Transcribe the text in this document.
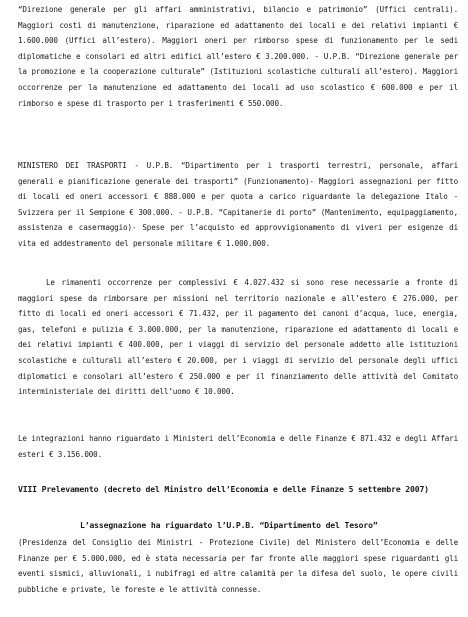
“Direzione generale per gli affari amministrativi, bilancio e patrimonio” (Uffici centrali). Maggiori costi di manutenzione, riparazione ed adattamento dei locali e dei relativi impianti € 1.600.000 (Uffici all’estero). Maggiori oneri per rimborso spese di funzionamento per le sedi diplomatiche e consolari ed altri edifici all’estero € 3.200.000. - U.P.B. “Direzione generale per la promozione e la cooperazione culturale” (Istituzioni scolastiche culturali all’estero). Maggiori occorrenze per la manutenzione ed adattamento dei locali ad uso scolastico € 600.000 e per il rimborso e spese di trasporto per i trasferimenti € 550.000.

MINISTERO DEI TRASPORTI - U.P.B. “Dipartimento per i trasporti terrestri, personale, affari generali e pianificazione generale dei trasporti” (Funzionamento)- Maggiori assegnazioni per fitto di locali ed oneri accessori € 888.000 e per quota a carico riguardante la delegazione Italo - Svizzera per il Sempione € 300.000. - U.P.B. “Capitanerie di porto” (Mantenimento, equipaggiamento, assistenza e casermaggio)- Spese per l’acquisto ed approvvigionamento di viveri per esigenze di vita ed addestramento del personale militare € 1.000.000.

Le rimanenti occorrenze per complessivi € 4.027.432 si sono rese necessarie a fronte di maggiori spese da rimborsare per missioni nel territorio nazionale e all’estero € 276.000, per fitto di locali ed oneri accessori € 71.432, per il pagamento dei canoni d’acqua, luce, energia, gas, telefoni e pulizia € 3.000.000, per la manutenzione, riparazione ed adattamento di locali e dei relativi impianti € 400.000, per i viaggi di servizio del personale addetto alle istituzioni scolastiche e culturali all’estero € 20.000, per i viaggi di servizio del personale degli uffici diplomatici e consolari all’estero € 250.000 e per il finanziamento delle attività del Comitato interministeriale dei diritti dell’uomo € 10.000.

Le integrazioni hanno riguardato i Ministeri dell’Economia e delle Finanze € 871.432 e degli Affari esteri € 3.156.000.

VIII Prelevamento (decreto del Ministro dell’Economia e delle Finanze 5 settembre 2007)

L’assegnazione ha riguardato l’U.P.B. “Dipartimento del Tesoro”

(Presidenza del Consiglio dei Ministri - Protezione Civile) del Ministero dell’Economia e delle Finanze per € 5.000.000, ed è stata necessaria per far fronte alle maggiori spese riguardanti gli eventi sismici, alluvionali, i nubifragi ed altre calamità per la difesa del suolo, le opere civili pubbliche e private, le foreste e le attività connesse.
